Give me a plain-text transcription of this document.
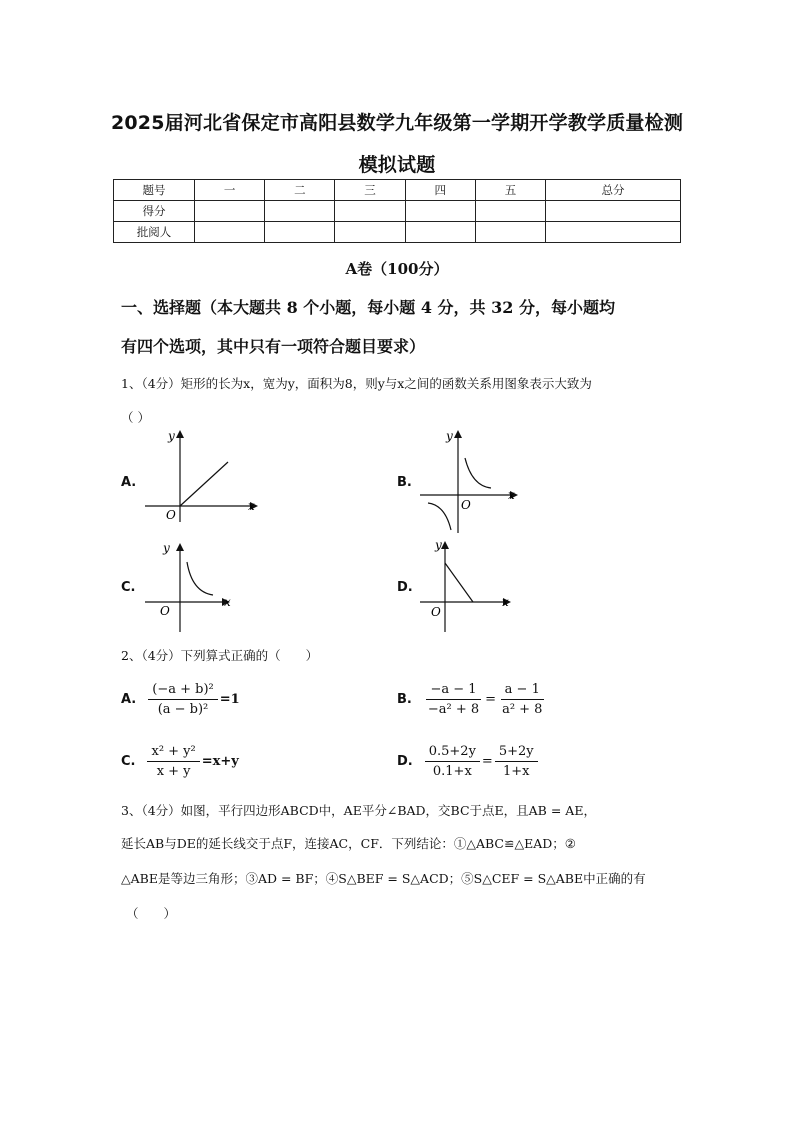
2025届河北省保定市高阳县数学九年级第一学期开学教学质量检测
模拟试题
题号	一	二	三	四	五	总分
得分						
批阅人						
A卷（100分）
一、选择题（本大题共 8 个小题，每小题 4 分，共 32 分，每小题均
有四个选项，其中只有一项符合题目要求）
1、（4分）矩形的长为x，宽为y，面积为8，则y与x之间的函数关系用图象表示大致为
（ ）
A.
x
y
O
B.
x
y
O
C.
x
y
O
D.
x
y
O
2、（4分）下列算式正确的（　　）
A. $\frac{\text{(−a + b)²}}{\text{(a − b)²}} =1$	B. $\frac{-a - 1}{\text{−a² + 8}} = \frac{a - 1}{\text{a² + 8}}$
C. $\frac{\text{x² + y²}}{x + y} =x+y$	D. $\frac{0.5+2y}{0.1+x} = \frac{5+2y}{1+x}$
3、（4分）如图，平行四边形ABCD中，AE平分∠BAD，交BC于点E，且AB = AE，
延长AB与DE的延长线交于点F，连接AC，CF．下列结论：①△ABC≌△EAD；②
△ABE是等边三角形；③AD = BF；④S△BEF = S△ACD；⑤S△CEF = S△ABE中正确的有
（　　）
